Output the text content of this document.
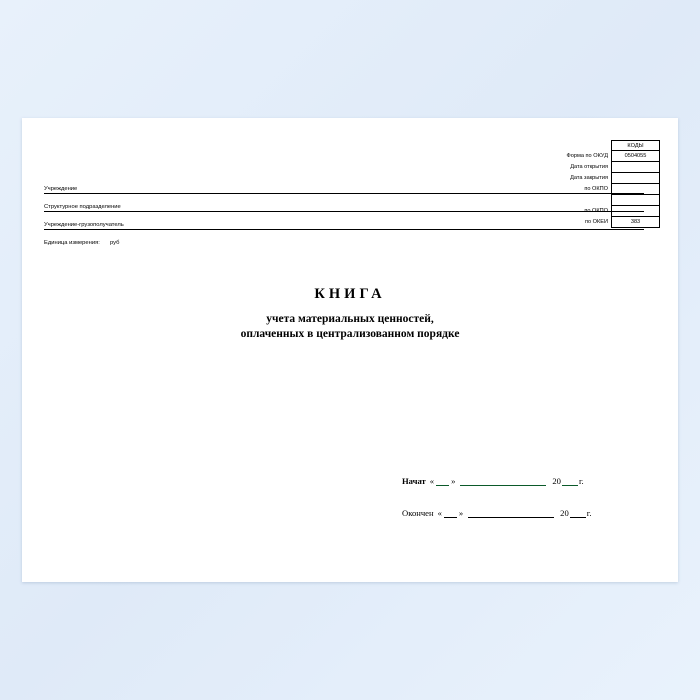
КОДЫ
Форма по ОКУД	0504055
Дата открытия
Дата закрытия
по ОКПО
по ОКПО
по ОКЕИ	383
Учреждение
Структурное подразделение
Учреждение-грузополучатель
Единица измерения: руб
КНИГА
учета материальных ценностей,
оплаченных в централизованном порядке
Начат « »	20 г.
Окончен « »	20 г.
